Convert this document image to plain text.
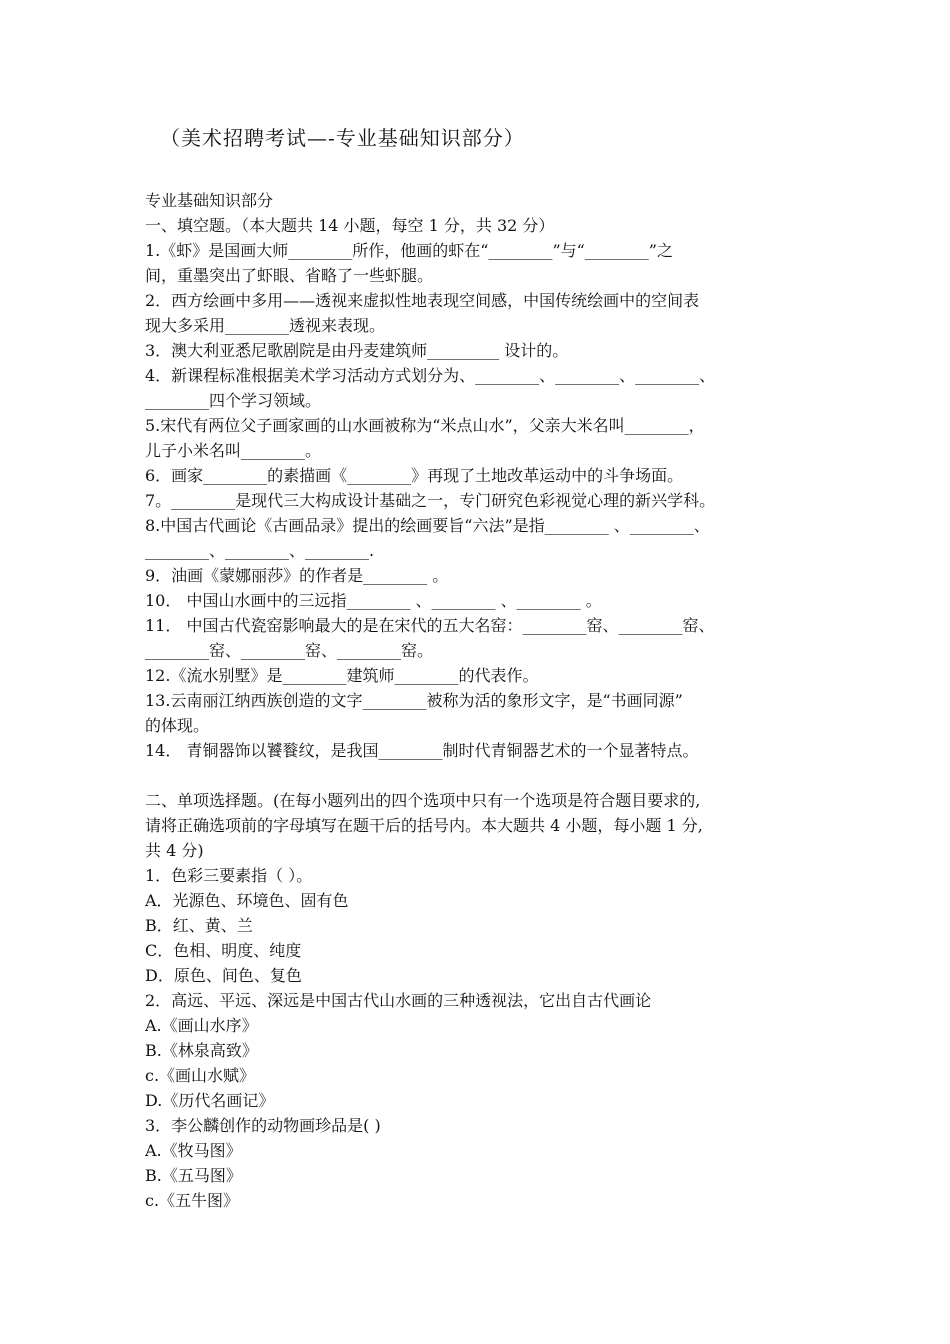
（美术招聘考试—-专业基础知识部分）
专业基础知识部分
一、填空题。（本大题共 14 小题，每空 1 分，共 32 分）
1.《虾》是国画大师________所作，他画的虾在“________”与“________”之
间，重墨突出了虾眼、省略了一些虾腿。
2．西方绘画中多用——透视来虚拟性地表现空间感，中国传统绘画中的空间表
现大多采用________透视来表现。
3．澳大利亚悉尼歌剧院是由丹麦建筑师_________ 设计的。
4．新课程标准根据美术学习活动方式划分为、________、________、________、
________四个学习领域。
5.宋代有两位父子画家画的山水画被称为“米点山水”，父亲大米名叫________，
儿子小米名叫________。
6．画家________的素描画《________》再现了土地改革运动中的斗争场面。
7。________是现代三大构成设计基础之一，专门研究色彩视觉心理的新兴学科。
8.中国古代画论《古画品录》提出的绘画要旨“六法”是指________ 、________、
________、________、________.
9．油画《蒙娜丽莎》的作者是________ 。
10． 中国山水画中的三远指________ 、________ 、________ 。
11． 中国古代瓷窑影响最大的是在宋代的五大名窑：________窑、________窑、
________窑、________窑、________窑。
12.《流水别墅》是________建筑师________的代表作。
13.云南丽江纳西族创造的文字________被称为活的象形文字，是“书画同源”
的体现。
14． 青铜器饰以饕餮纹，是我国________制时代青铜器艺术的一个显著特点。
二、单项选择题。(在每小题列出的四个选项中只有一个选项是符合题目要求的,
请将正确选项前的字母填写在题干后的括号内。本大题共 4 小题，每小题 1 分,
共 4 分)
1．色彩三要素指（ ）。
A．光源色、环境色、固有色
B．红、黄、兰
C．色相、明度、纯度
D．原色、间色、复色
2．高远、平远、深远是中国古代山水画的三种透视法，它出自古代画论
A.《画山水序》
B.《林泉高致》
c.《画山水赋》
D.《历代名画记》
3．李公麟创作的动物画珍品是( )
A.《牧马图》
B.《五马图》
c.《五牛图》
